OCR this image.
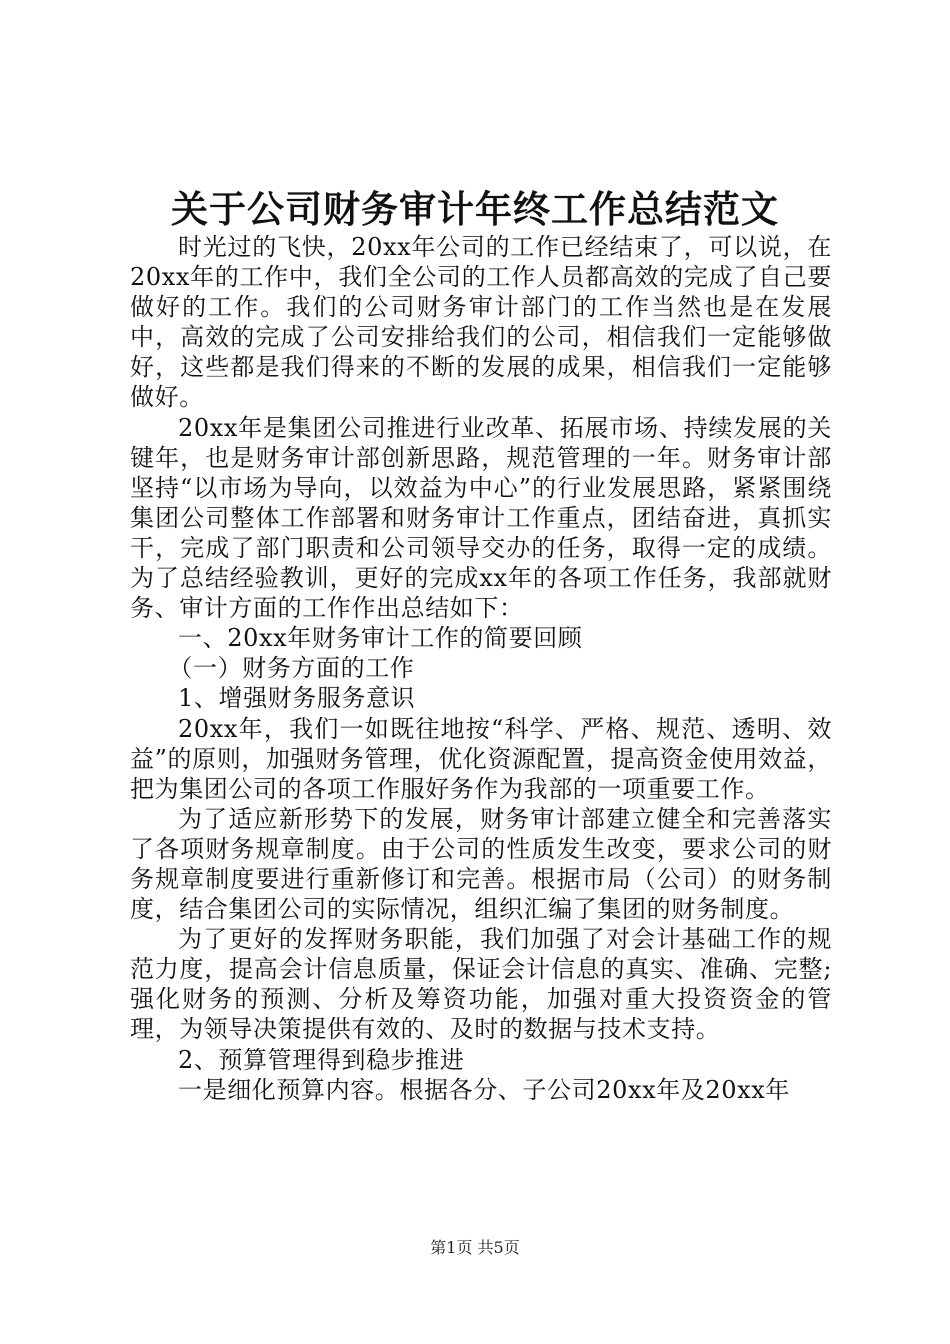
关于公司财务审计年终工作总结范文

时光过的飞快，20xx年公司的工作已经结束了，可以说，在20xx年的工作中，我们全公司的工作人员都高效的完成了自己要做好的工作。我们的公司财务审计部门的工作当然也是在发展中，高效的完成了公司安排给我们的公司，相信我们一定能够做好，这些都是我们得来的不断的发展的成果，相信我们一定能够做好。

20xx年是集团公司推进行业改革、拓展市场、持续发展的关键年，也是财务审计部创新思路，规范管理的一年。财务审计部坚持“以市场为导向，以效益为中心”的行业发展思路，紧紧围绕集团公司整体工作部署和财务审计工作重点，团结奋进，真抓实干，完成了部门职责和公司领导交办的任务，取得一定的成绩。为了总结经验教训，更好的完成xx年的各项工作任务，我部就财务、审计方面的工作作出总结如下：

一、20xx年财务审计工作的简要回顾

（一）财务方面的工作

1、增强财务服务意识

20xx年，我们一如既往地按“科学、严格、规范、透明、效益”的原则，加强财务管理，优化资源配置，提高资金使用效益，把为集团公司的各项工作服好务作为我部的一项重要工作。

为了适应新形势下的发展，财务审计部建立健全和完善落实了各项财务规章制度。由于公司的性质发生改变，要求公司的财务规章制度要进行重新修订和完善。根据市局（公司）的财务制度，结合集团公司的实际情况，组织汇编了集团的财务制度。

为了更好的发挥财务职能，我们加强了对会计基础工作的规范力度，提高会计信息质量，保证会计信息的真实、准确、完整;强化财务的预测、分析及筹资功能，加强对重大投资资金的管理，为领导决策提供有效的、及时的数据与技术支持。

2、预算管理得到稳步推进

一是细化预算内容。根据各分、子公司20xx年及20xx年

第1页 共5页
